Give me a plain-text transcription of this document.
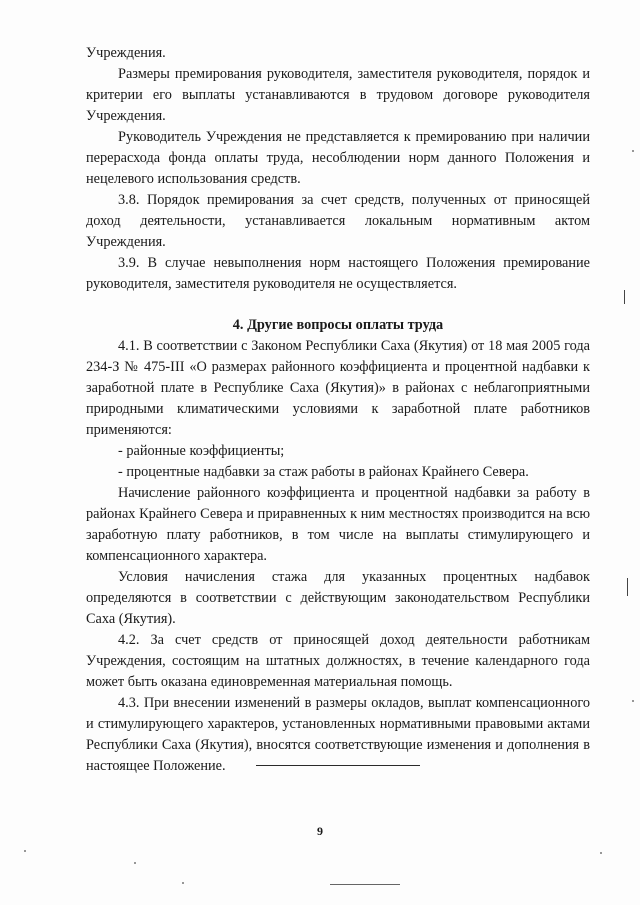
Учреждения.

Размеры премирования руководителя, заместителя руководителя, порядок и критерии его выплаты устанавливаются в трудовом договоре руководителя Учреждения.

Руководитель Учреждения не представляется к премированию при наличии перерасхода фонда оплаты труда, несоблюдении норм данного Положения и нецелевого использования средств.

3.8. Порядок премирования за счет средств, полученных от приносящей доход деятельности, устанавливается локальным нормативным актом Учреждения.

3.9. В случае невыполнения норм настоящего Положения премирование руководителя, заместителя руководителя не осуществляется.

4. Другие вопросы оплаты труда

4.1. В соответствии с Законом Республики Саха (Якутия) от 18 мая 2005 года 234-З № 475-III «О размерах районного коэффициента и процентной надбавки к заработной плате в Республике Саха (Якутия)» в районах с неблагоприятными природными климатическими условиями к заработной плате работников применяются:

- районные коэффициенты;

- процентные надбавки за стаж работы в районах Крайнего Севера.

Начисление районного коэффициента и процентной надбавки за работу в районах Крайнего Севера и приравненных к ним местностях производится на всю заработную плату работников, в том числе на выплаты стимулирующего и компенсационного характера.

Условия начисления стажа для указанных процентных надбавок определяются в соответствии с действующим законодательством Республики Саха (Якутия).

4.2. За счет средств от приносящей доход деятельности работникам Учреждения, состоящим на штатных должностях, в течение календарного года может быть оказана единовременная материальная помощь.

4.3. При внесении изменений в размеры окладов, выплат компенсационного и стимулирующего характеров, установленных нормативными правовыми актами Республики Саха (Якутия), вносятся соответствующие изменения и дополнения в настоящее Положение.

9
